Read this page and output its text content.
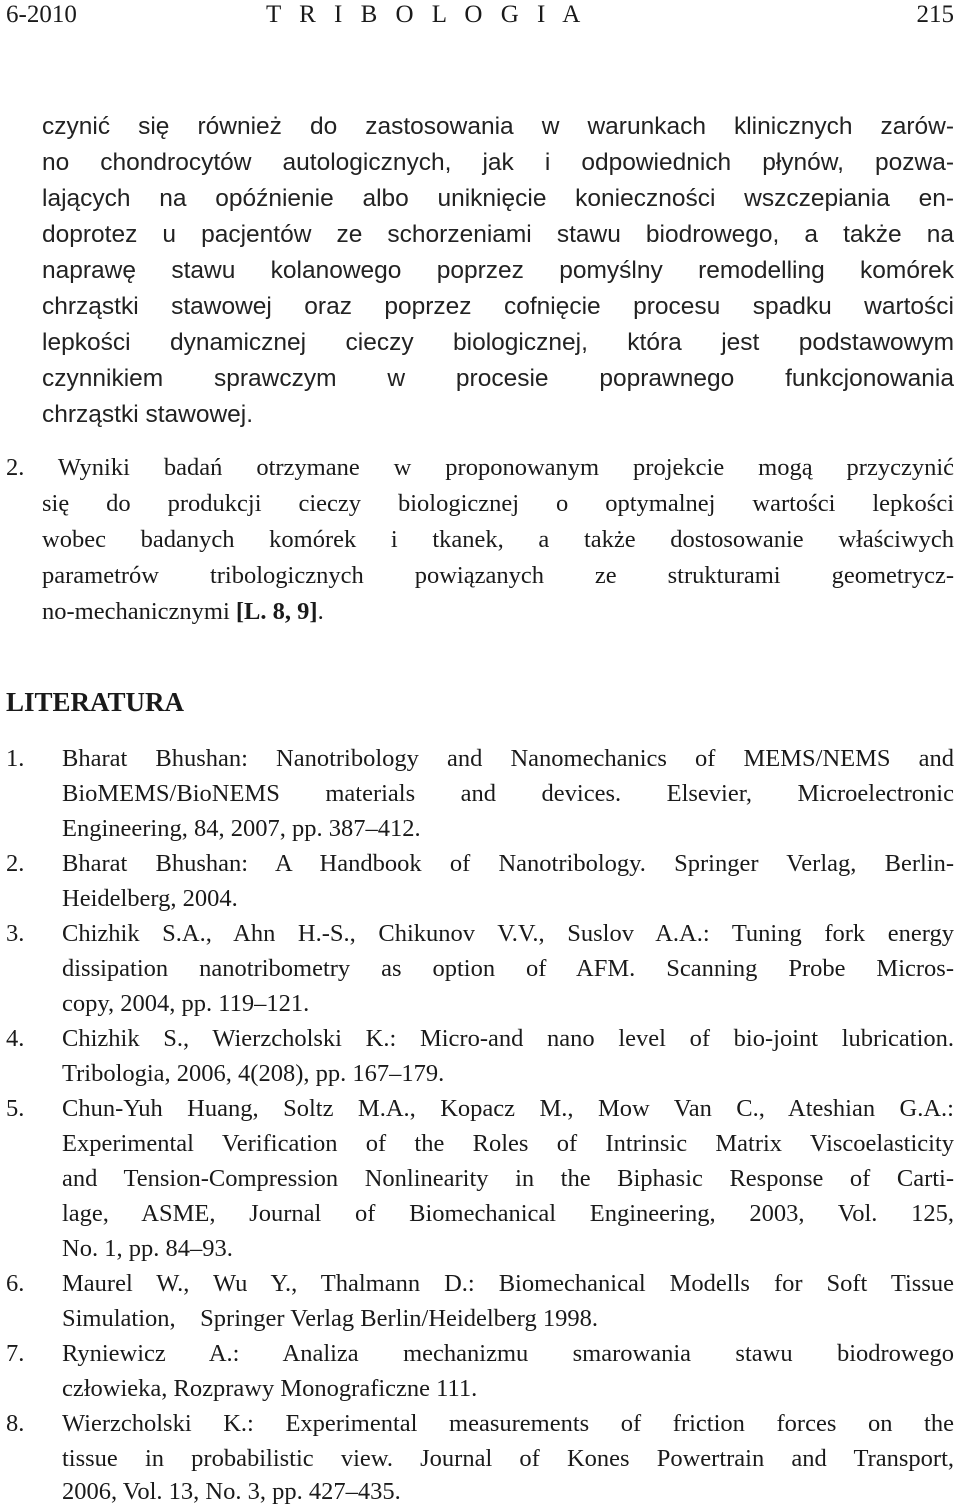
6-2010	T R I B O L O G I A	215
czynić się również do zastosowania w warunkach klinicznych zarów-
no chondrocytów autologicznych, jak i odpowiednich płynów, pozwa-
lających na opóźnienie albo uniknięcie konieczności wszczepiania en-
doprotez u pacjentów ze schorzeniami stawu biodrowego, a także na
naprawę stawu kolanowego poprzez pomyślny remodelling komórek
chrząstki stawowej oraz poprzez cofnięcie procesu spadku wartości
lepkości dynamicznej cieczy biologicznej, która jest podstawowym
czynnikiem sprawczym w procesie poprawnego funkcjonowania
chrząstki stawowej.
2. Wyniki badań otrzymane w proponowanym projekcie mogą przyczynić
się do produkcji cieczy biologicznej o optymalnej wartości lepkości
wobec badanych komórek i tkanek, a także dostosowanie właściwych
parametrów tribologicznych powiązanych ze strukturami geometrycz-
no-mechanicznymi [L. 8, 9].
LITERATURA
1.	Bharat Bhushan: Nanotribology and Nanomechanics of MEMS/NEMS and
BioMEMS/BioNEMS materials and devices. Elsevier, Microelectronic
Engineering, 84, 2007, pp. 387–412.
2.	Bharat Bhushan: A Handbook of Nanotribology. Springer Verlag, Berlin-
Heidelberg, 2004.
3.	Chizhik S.A., Ahn H.-S., Chikunov V.V., Suslov A.A.: Tuning fork energy
dissipation nanotribometry as option of AFM. Scanning Probe Micros-
copy, 2004, pp. 119–121.
4.	Chizhik S., Wierzcholski K.: Micro-and nano level of bio-joint lubrication.
Tribologia, 2006, 4(208), pp. 167–179.
5.	Chun-Yuh Huang, Soltz M.A., Kopacz M., Mow Van C., Ateshian G.A.:
Experimental Verification of the Roles of Intrinsic Matrix Viscoelasticity
and Tension-Compression Nonlinearity in the Biphasic Response of Carti-
lage, ASME, Journal of Biomechanical Engineering, 2003, Vol. 125,
No. 1, pp. 84–93.
6.	Maurel W., Wu Y., Thalmann D.: Biomechanical Modells for Soft Tissue
Simulation,    Springer Verlag Berlin/Heidelberg 1998.
7.	Ryniewicz A.: Analiza mechanizmu smarowania stawu biodrowego
człowieka, Rozprawy Monograficzne 111.
8.	Wierzcholski K.: Experimental measurements of friction forces on the
tissue in probabilistic view. Journal of Kones Powertrain and Transport,
2006, Vol. 13, No. 3, pp. 427–435.
